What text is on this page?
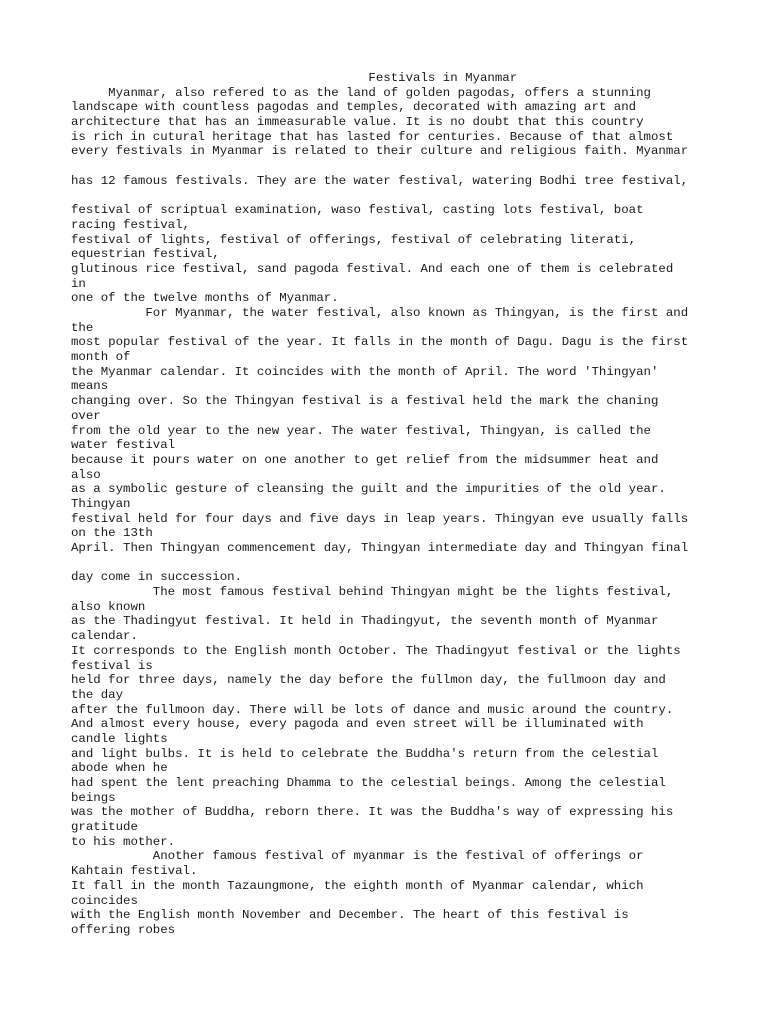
Festivals in Myanmar
Myanmar, also refered to as the land of golden pagodas, offers a stunning
landscape with countless pagodas and temples, decorated with amazing art and
architecture that has an immeasurable value. It is no doubt that this country
is rich in cutural heritage that has lasted for centuries. Because of that almost
every festivals in Myanmar is related to their culture and religious faith. Myanmar
has 12 famous festivals. They are the water festival, watering Bodhi tree festival,
festival of scriptual examination, waso festival, casting lots festival, boat
racing festival,
festival of lights, festival of offerings, festival of celebrating literati,
equestrian festival,
glutinous rice festival, sand pagoda festival. And each one of them is celebrated
in
one of the twelve months of Myanmar.
For Myanmar, the water festival, also known as Thingyan, is the first and
the
most popular festival of the year. It falls in the month of Dagu. Dagu is the first
month of
the Myanmar calendar. It coincides with the month of April. The word 'Thingyan'
means
changing over. So the Thingyan festival is a festival held the mark the chaning
over
from the old year to the new year. The water festival, Thingyan, is called the
water festival
because it pours water on one another to get relief from the midsummer heat and
also
as a symbolic gesture of cleansing the guilt and the impurities of the old year.
Thingyan
festival held for four days and five days in leap years. Thingyan eve usually falls
on the 13th
April. Then Thingyan commencement day, Thingyan intermediate day and Thingyan final
day come in succession.
The most famous festival behind Thingyan might be the lights festival,
also known
as the Thadingyut festival. It held in Thadingyut, the seventh month of Myanmar
calendar.
It corresponds to the English month October. The Thadingyut festival or the lights
festival is
held for three days, namely the day before the fullmon day, the fullmoon day and
the day
after the fullmoon day. There will be lots of dance and music around the country.
And almost every house, every pagoda and even street will be illuminated with
candle lights
and light bulbs. It is held to celebrate the Buddha's return from the celestial
abode when he
had spent the lent preaching Dhamma to the celestial beings. Among the celestial
beings
was the mother of Buddha, reborn there. It was the Buddha's way of expressing his
gratitude
to his mother.
Another famous festival of myanmar is the festival of offerings or
Kahtain festival.
It fall in the month Tazaungmone, the eighth month of Myanmar calendar, which
coincides
with the English month November and December. The heart of this festival is
offering robes
